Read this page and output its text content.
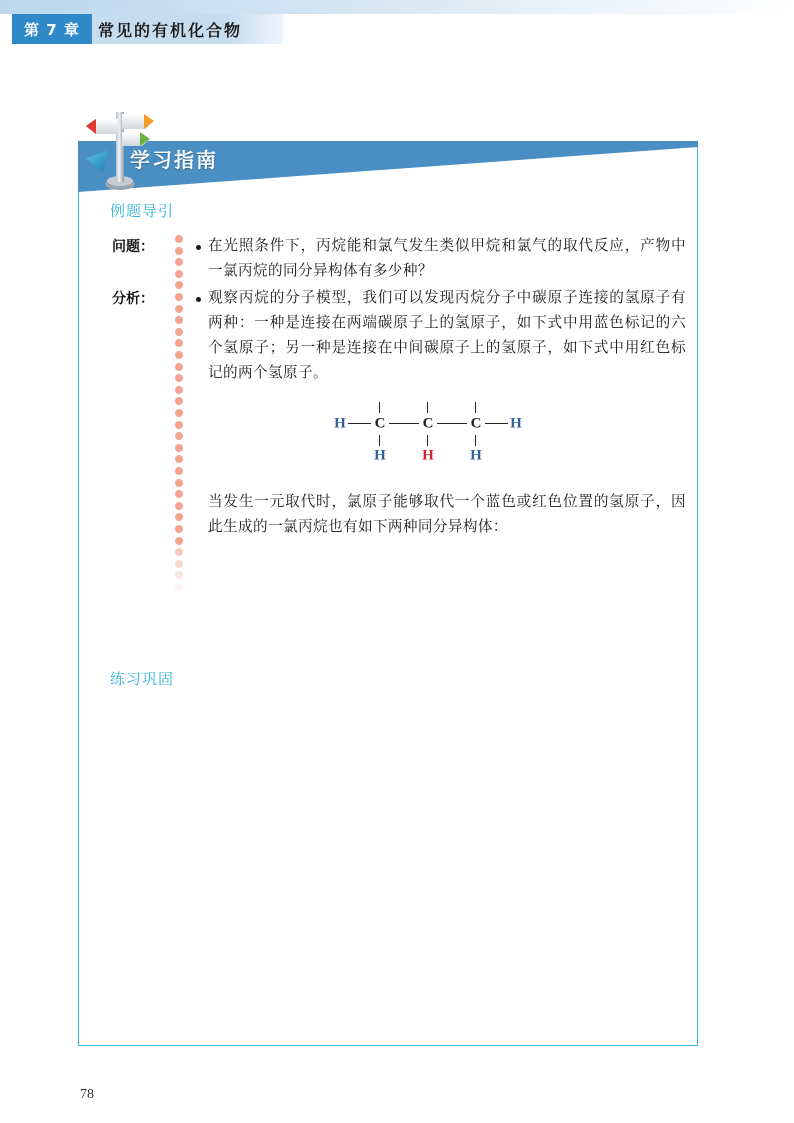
第 7 章	常见的有机化合物
学习指南
例题导引
练习巩固
问题：	在光照条件下，丙烷能和氯气发生类似甲烷和氯气的取代反应，产物中一氯丙烷的同分异构体有多少种？
分析：	观察丙烷的分子模型，我们可以发现丙烷分子中碳原子连接的氢原子有两种：一种是连接在两端碳原子上的氢原子，如下式中用蓝色标记的六个氢原子；另一种是连接在中间碳原子上的氢原子，如下式中用红色标记的两个氢原子。
H	H
C
H
C
H
C
H
当发生一元取代时，氯原子能够取代一个蓝色或红色位置的氢原子，因此生成的一氯丙烷也有如下两种同分异构体：
78
